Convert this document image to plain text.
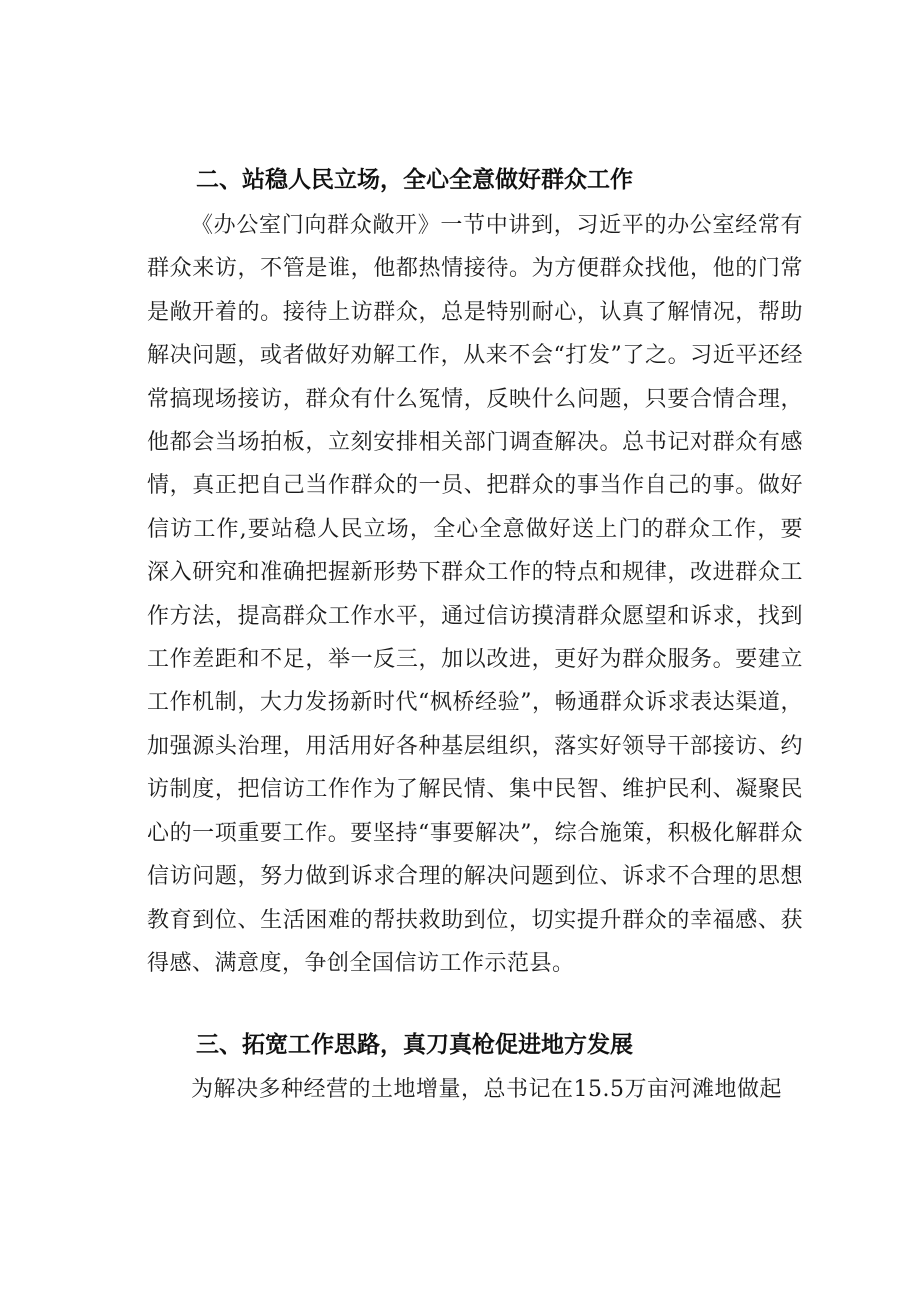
二、站稳人民立场，全心全意做好群众工作
《办公室门向群众敞开》一节中讲到，习近平的办公室经常有群众来访，不管是谁，他都热情接待。为方便群众找他，他的门常是敞开着的。接待上访群众，总是特别耐心，认真了解情况，帮助解决问题，或者做好劝解工作，从来不会“打发”了之。习近平还经常搞现场接访，群众有什么冤情，反映什么问题，只要合情合理，他都会当场拍板，立刻安排相关部门调查解决。总书记对群众有感情，真正把自己当作群众的一员、把群众的事当作自己的事。做好信访工作,要站稳人民立场，全心全意做好送上门的群众工作，要深入研究和准确把握新形势下群众工作的特点和规律，改进群众工作方法，提高群众工作水平，通过信访摸清群众愿望和诉求，找到工作差距和不足，举一反三，加以改进，更好为群众服务。要建立工作机制，大力发扬新时代“枫桥经验”，畅通群众诉求表达渠道，加强源头治理，用活用好各种基层组织，落实好领导干部接访、约访制度，把信访工作作为了解民情、集中民智、维护民利、凝聚民心的一项重要工作。要坚持“事要解决”，综合施策，积极化解群众信访问题，努力做到诉求合理的解决问题到位、诉求不合理的思想教育到位、生活困难的帮扶救助到位，切实提升群众的幸福感、获得感、满意度，争创全国信访工作示范县。
三、拓宽工作思路，真刀真枪促进地方发展
为解决多种经营的土地增量，总书记在15.5万亩河滩地做起
